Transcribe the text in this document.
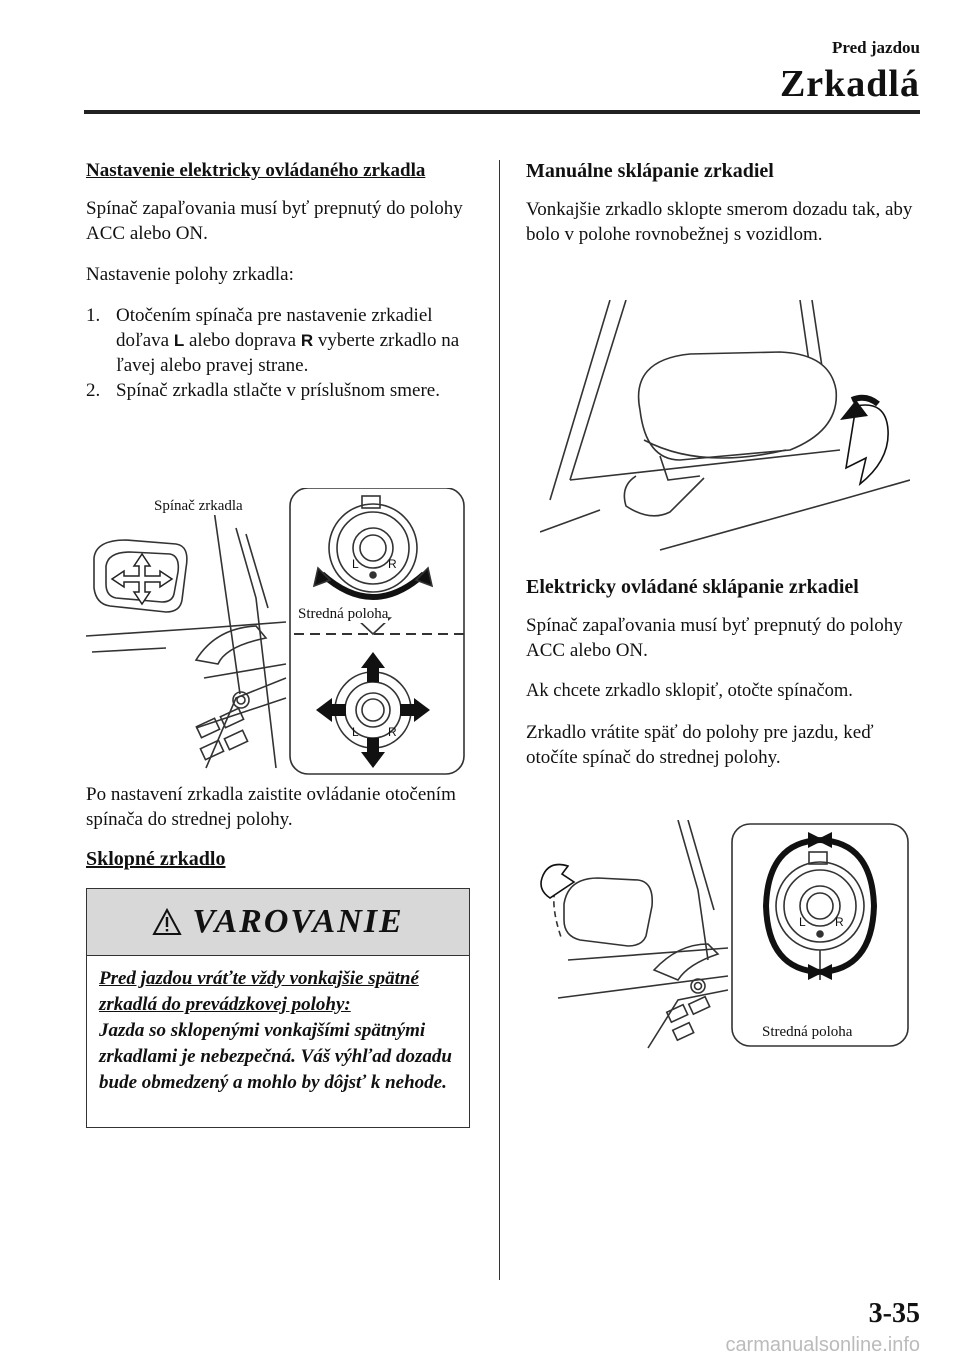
Pred jazdou
Zrkadlá
Nastavenie elektricky ovládaného zrkadla

Spínač zapaľovania musí byť prepnutý do polohy ACC alebo ON.

Nastavenie polohy zrkadla:

1. Otočením spínača pre nastavenie zrkadiel doľava L alebo doprava R vyberte zrkadlo na ľavej alebo pravej strane.
2. Spínač zrkadla stlačte v príslušnom smere.
L R
L R
Spínač zrkadla
Stredná poloha

Po nastavení zrkadla zaistite ovládanie otočením spínača do strednej polohy.

Sklopné zrkadlo
VAROVANIE
Pred jazdou vráťte vždy vonkajšie spätné zrkadlá do prevádzkovej polohy:
Jazda so sklopenými vonkajšími spätnými zrkadlami je nebezpečná. Váš výhľad dozadu bude obmedzený a mohlo by dôjsť k nehode.
Manuálne sklápanie zrkadiel

Vonkajšie zrkadlo sklopte smerom dozadu tak, aby bolo v polohe rovnobežnej s vozidlom.

Elektricky ovládané sklápanie zrkadiel

Spínač zapaľovania musí byť prepnutý do polohy ACC alebo ON.

Ak chcete zrkadlo sklopiť, otočte spínačom.

Zrkadlo vrátite späť do polohy pre jazdu, keď otočíte spínač do strednej polohy.

L R
Stredná poloha
3-35
carmanualsonline.info
